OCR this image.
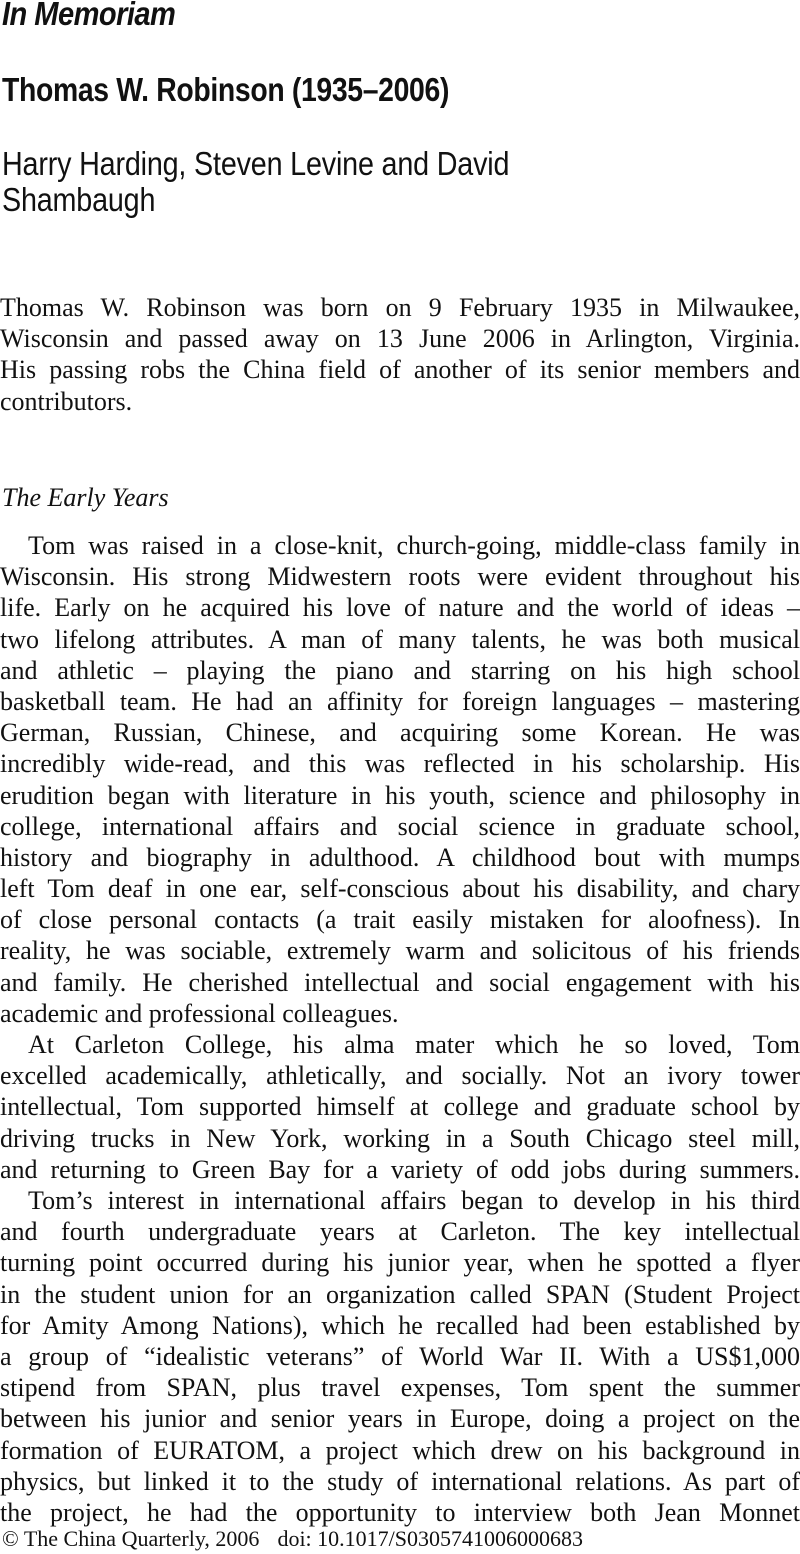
In Memoriam
Thomas W. Robinson (1935–2006)
Harry Harding, Steven Levine and David
Shambaugh
Thomas W. Robinson was born on 9 February 1935 in Milwaukee,
Wisconsin and passed away on 13 June 2006 in Arlington, Virginia.
His passing robs the China field of another of its senior members and
contributors.
The Early Years
Tom was raised in a close-knit, church-going, middle-class family in
Wisconsin. His strong Midwestern roots were evident throughout his
life. Early on he acquired his love of nature and the world of ideas –
two lifelong attributes. A man of many talents, he was both musical
and athletic – playing the piano and starring on his high school
basketball team. He had an affinity for foreign languages – mastering
German, Russian, Chinese, and acquiring some Korean. He was
incredibly wide-read, and this was reflected in his scholarship. His
erudition began with literature in his youth, science and philosophy in
college, international affairs and social science in graduate school,
history and biography in adulthood. A childhood bout with mumps
left Tom deaf in one ear, self-conscious about his disability, and chary
of close personal contacts (a trait easily mistaken for aloofness). In
reality, he was sociable, extremely warm and solicitous of his friends
and family. He cherished intellectual and social engagement with his
academic and professional colleagues.
At Carleton College, his alma mater which he so loved, Tom
excelled academically, athletically, and socially. Not an ivory tower
intellectual, Tom supported himself at college and graduate school by
driving trucks in New York, working in a South Chicago steel mill,
and returning to Green Bay for a variety of odd jobs during summers.
Tom’s interest in international affairs began to develop in his third
and fourth undergraduate years at Carleton. The key intellectual
turning point occurred during his junior year, when he spotted a flyer
in the student union for an organization called SPAN (Student Project
for Amity Among Nations), which he recalled had been established by
a group of “idealistic veterans” of World War II. With a US$1,000
stipend from SPAN, plus travel expenses, Tom spent the summer
between his junior and senior years in Europe, doing a project on the
formation of EURATOM, a project which drew on his background in
physics, but linked it to the study of international relations. As part of
the project, he had the opportunity to interview both Jean Monnet
© The China Quarterly, 2006 doi: 10.1017/S0305741006000683
